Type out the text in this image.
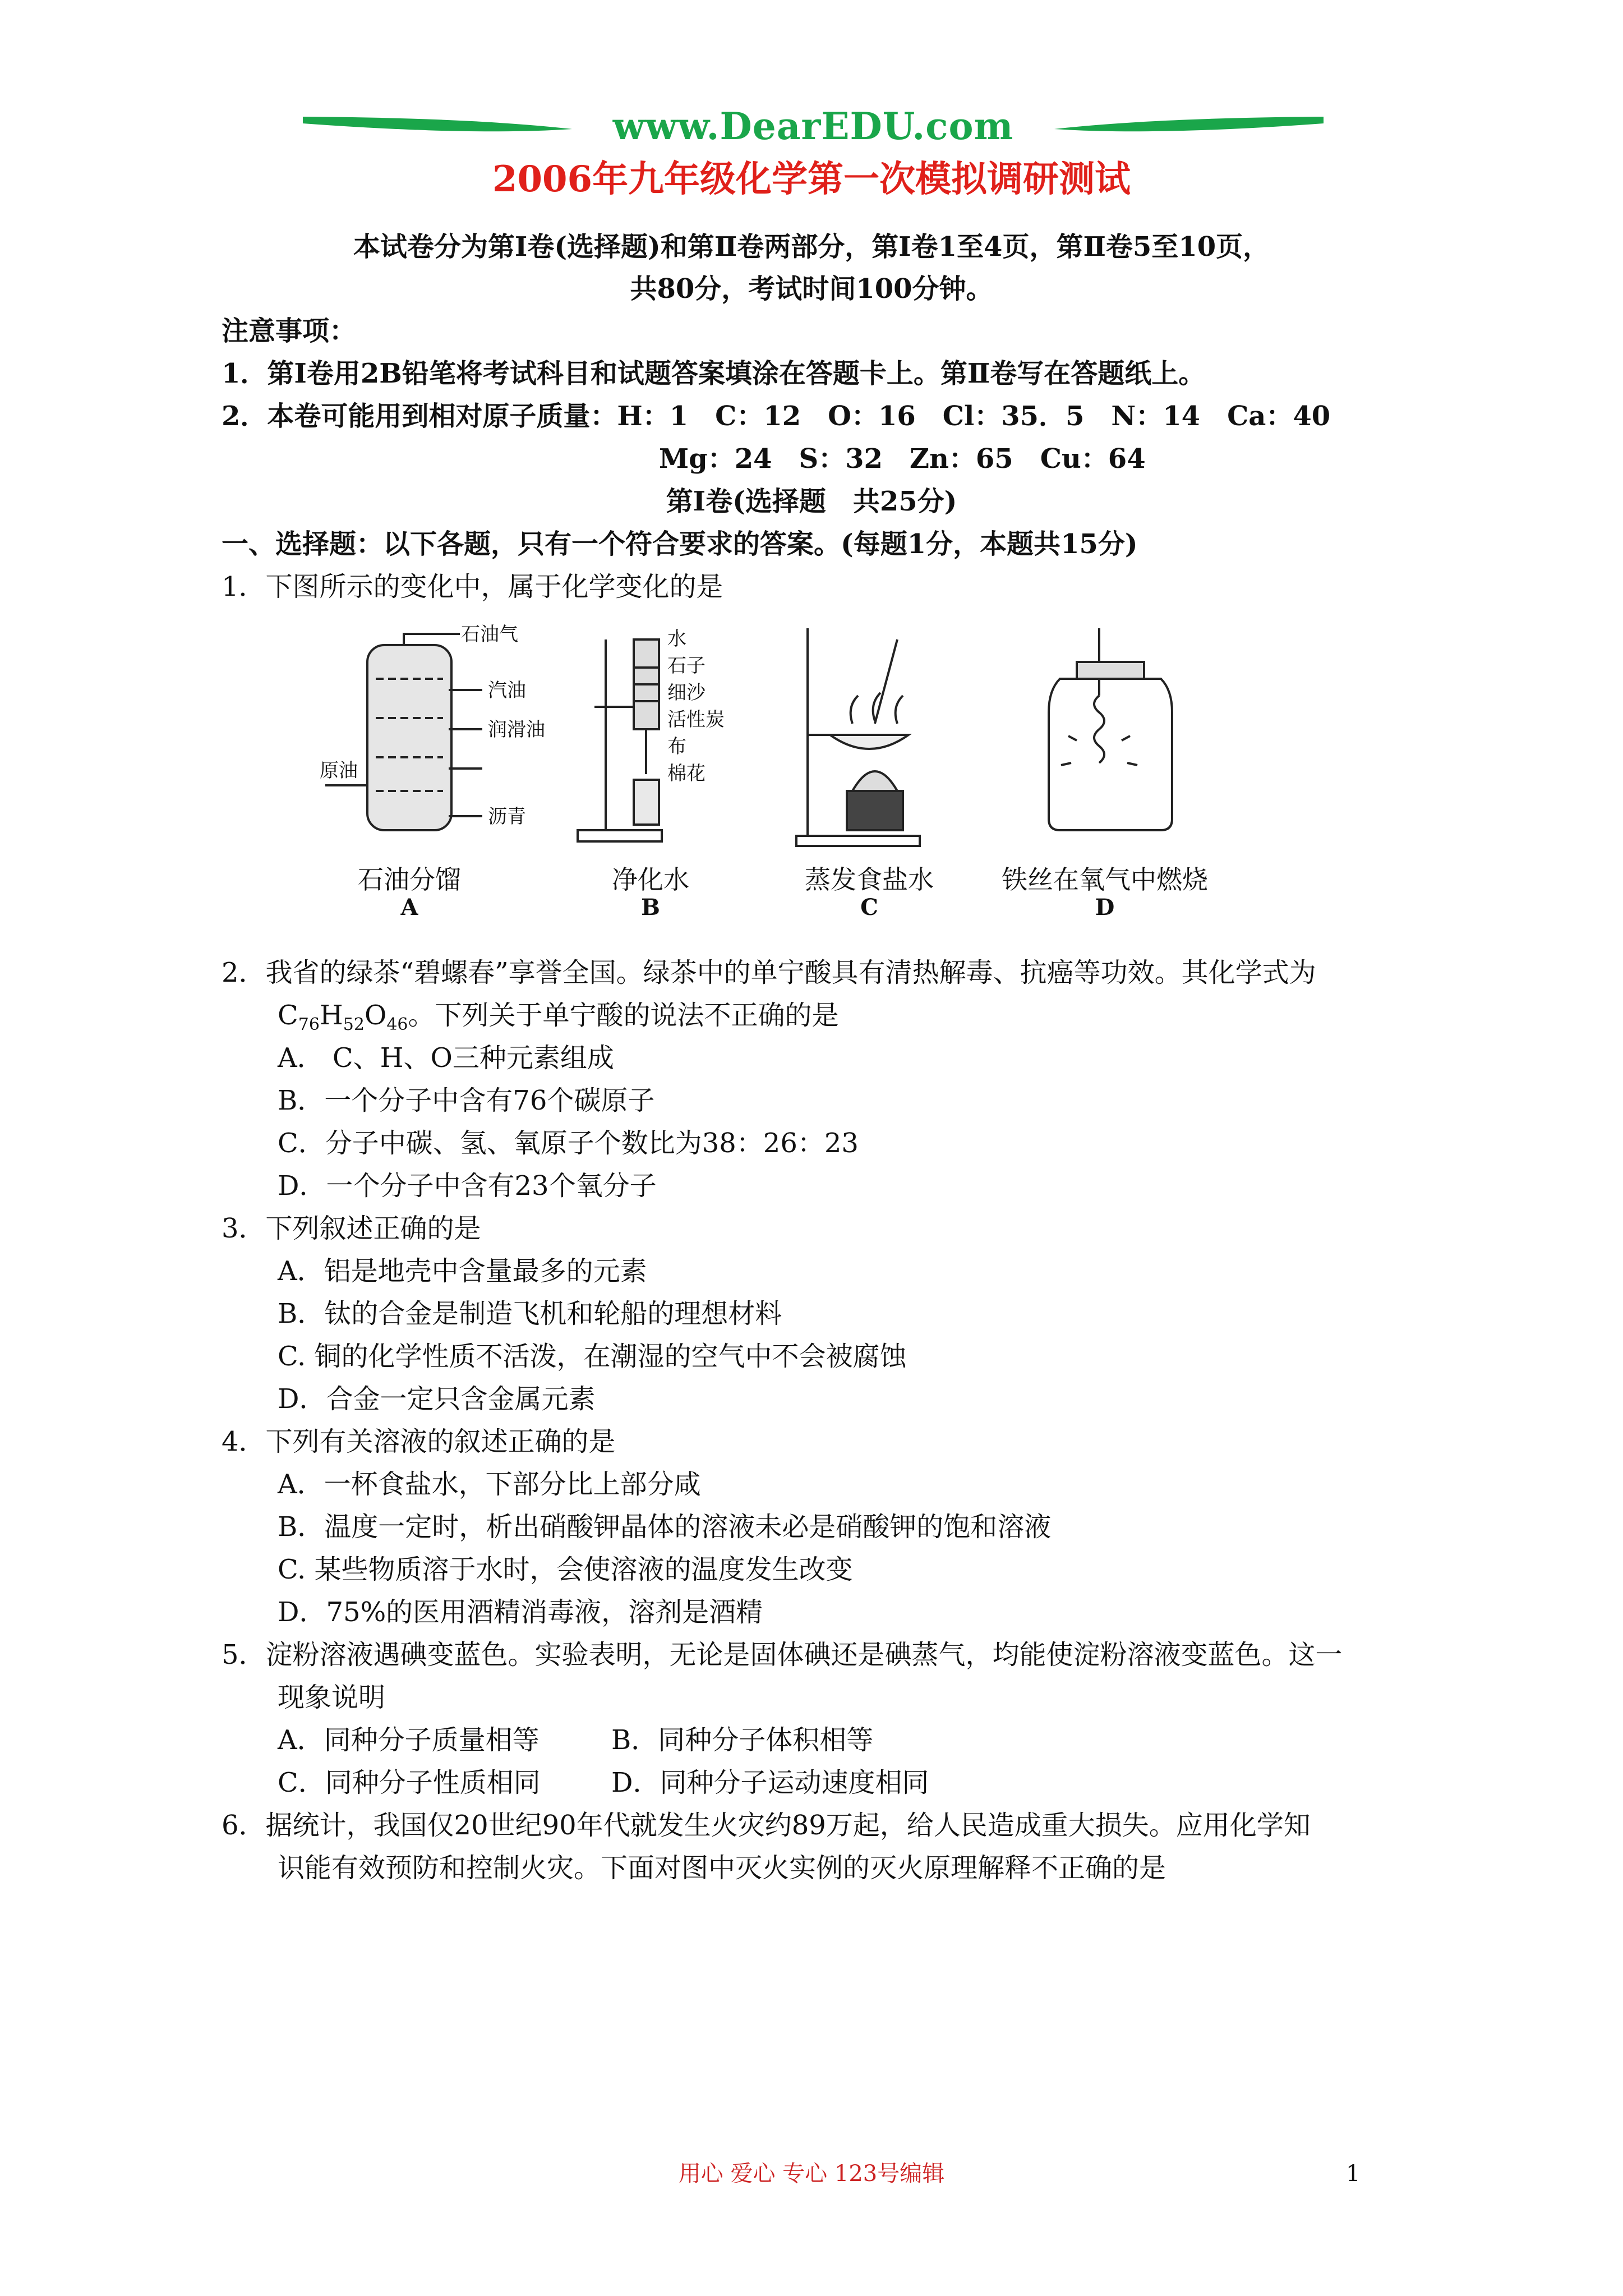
www.DearEDU.com
2006年九年级化学第一次模拟调研测试
本试卷分为第Ⅰ卷(选择题)和第Ⅱ卷两部分，第Ⅰ卷1至4页，第Ⅱ卷5至10页，
共80分，考试时间100分钟。
注意事项：
1．第Ⅰ卷用2B铅笔将考试科目和试题答案填涂在答题卡上。第Ⅱ卷写在答题纸上。
2．本卷可能用到相对原子质量：H：1　C：12　O：16　Cl：35．5　N：14　Ca：40
Mg：24　S：32　Zn：65　Cu：64
第Ⅰ卷(选择题　共25分)
一、选择题：以下各题，只有一个符合要求的答案。(每题1分，本题共15分)
1．下图所示的变化中，属于化学变化的是
石油气
汽油
润滑油
沥青
原油
水
石子
细沙
活性炭
布
棉花
石油分馏
A
净化水
B
蒸发食盐水
C
铁丝在氧气中燃烧
D
2．我省的绿茶“碧螺春”享誉全国。绿茶中的单宁酸具有清热解毒、抗癌等功效。其化学式为
$C_{76}H_{52}O_{46}$。下列关于单宁酸的说法不正确的是
A． C、H、O三种元素组成
B．一个分子中含有76个碳原子
C．分子中碳、氢、氧原子个数比为38：26：23
D．一个分子中含有23个氧分子
3．下列叙述正确的是
A．铝是地壳中含量最多的元素
B．钛的合金是制造飞机和轮船的理想材料
C. 铜的化学性质不活泼，在潮湿的空气中不会被腐蚀
D．合金一定只含金属元素
4．下列有关溶液的叙述正确的是
A．一杯食盐水，下部分比上部分咸
B．温度一定时，析出硝酸钾晶体的溶液未必是硝酸钾的饱和溶液
C. 某些物质溶于水时，会使溶液的温度发生改变
D．75%的医用酒精消毒液，溶剂是酒精
5．淀粉溶液遇碘变蓝色。实验表明，无论是固体碘还是碘蒸气，均能使淀粉溶液变蓝色。这一
现象说明
A．同种分子质量相等	B．同种分子体积相等
C．同种分子性质相同	D．同种分子运动速度相同
6．据统计，我国仅20世纪90年代就发生火灾约89万起，给人民造成重大损失。应用化学知
识能有效预防和控制火灾。下面对图中灭火实例的灭火原理解释不正确的是
用心 爱心 专心 123号编辑	1
